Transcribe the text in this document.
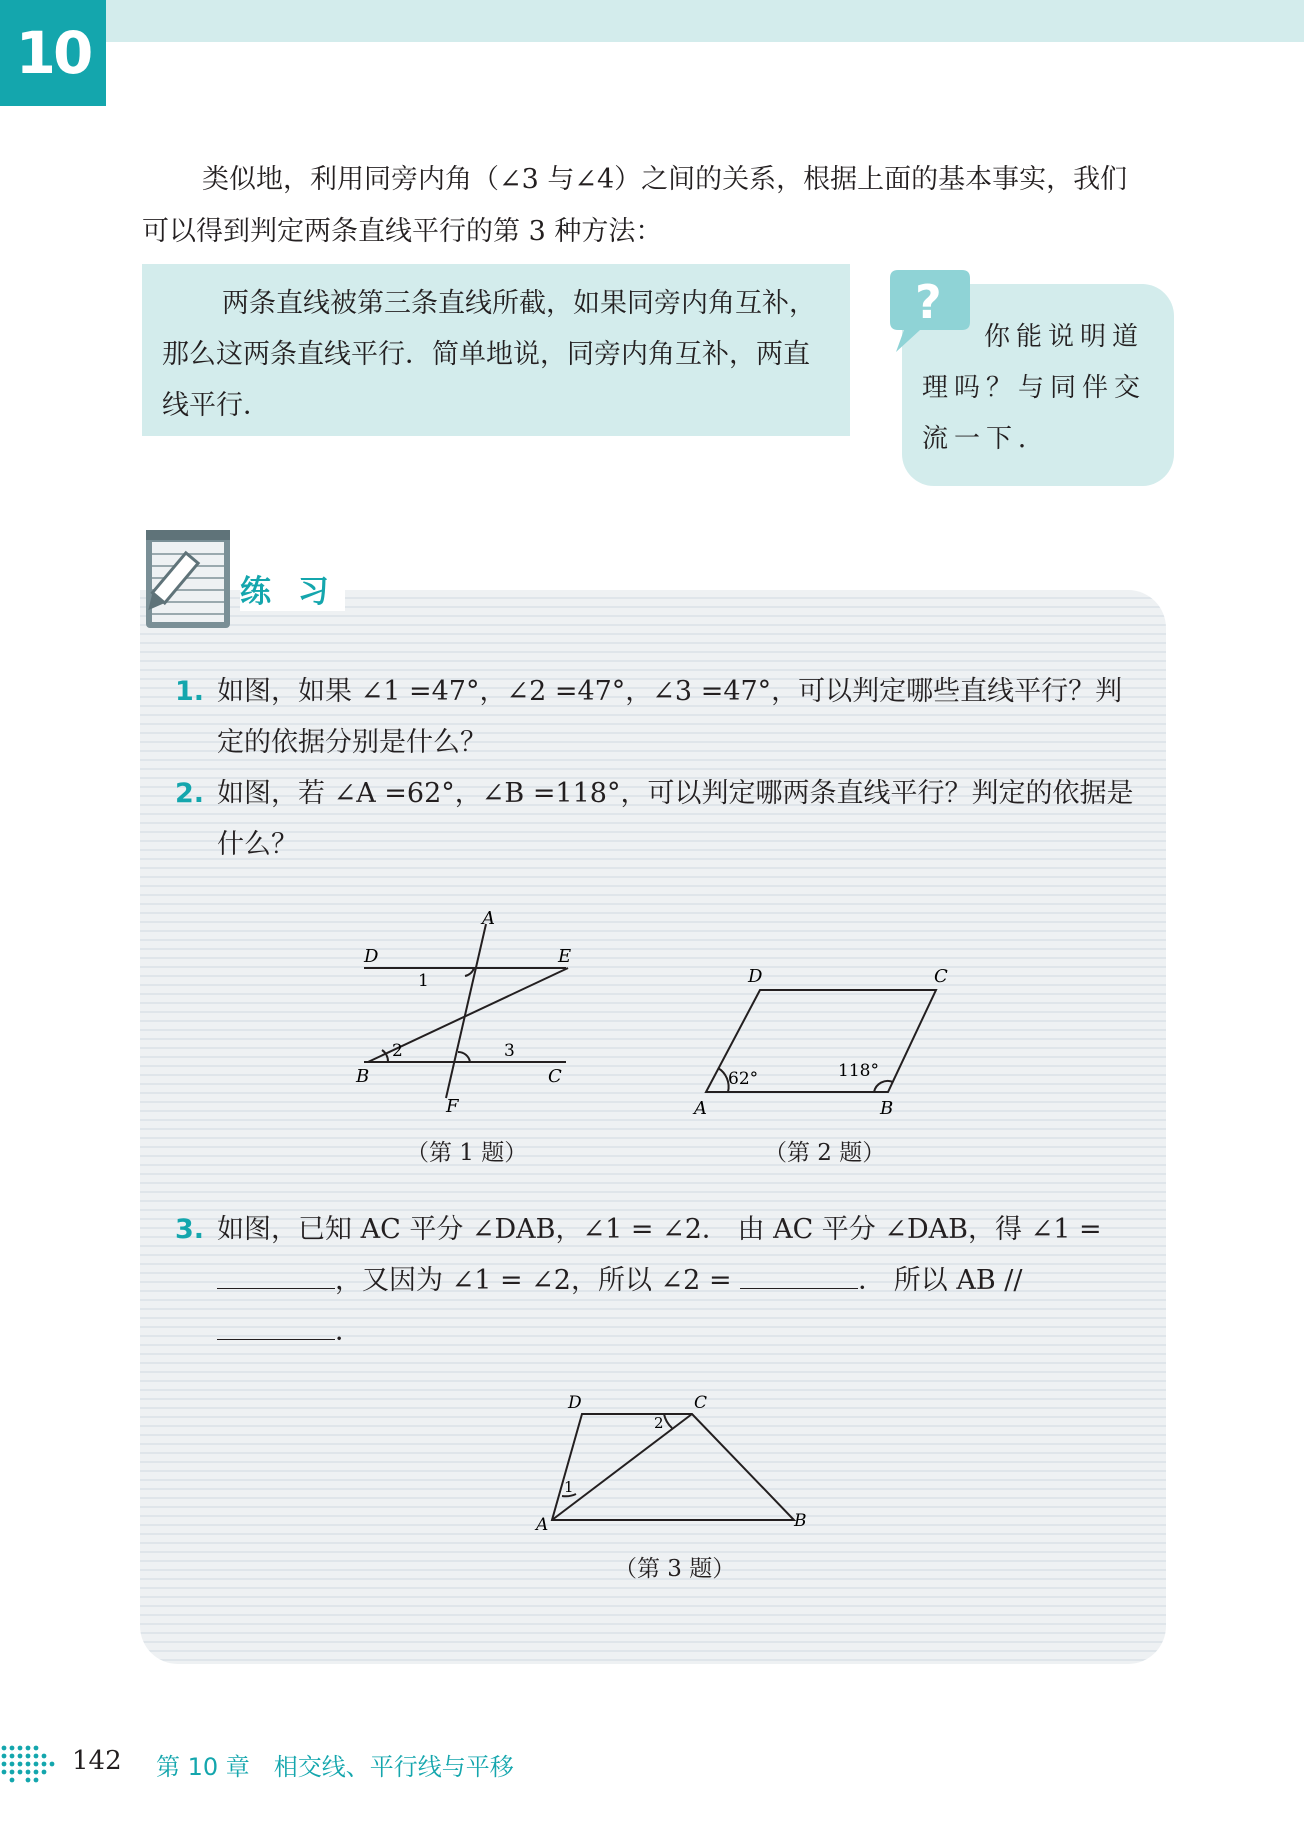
10

类似地，利用同旁内角（∠3 与∠4）之间的关系，根据上面的基本事实，我们

可以得到判定两条直线平行的第 3 种方法：

两条直线被第三条直线所截，如果同旁内角互补，那么这两条直线平行．简单地说，同旁内角互补，两直线平行．
你能说明道理吗？与同伴交流一下．
?
练 习
1. 如图，如果 ∠1 =47°，∠2 =47°，∠3 =47°，可以判定哪些直线平行？判定的依据分别是什么？
2. 如图，若 ∠A =62°，∠B =118°，可以判定哪两条直线平行？判定的依据是什么？
A
D	E
B	C
F
1
2	3
（第 1 题）
D	C
A	B
62°	118°
（第 2 题）
3. 如图，已知 AC 平分 ∠DAB，∠1 = ∠2． 由 AC 平分 ∠DAB，得 ∠1 =
，又因为 ∠1 = ∠2，所以 ∠2 =	． 所以 AB //
．
D	C
A	B
1
2
（第 3 题）
142 第 10 章　相交线、平行线与平移
